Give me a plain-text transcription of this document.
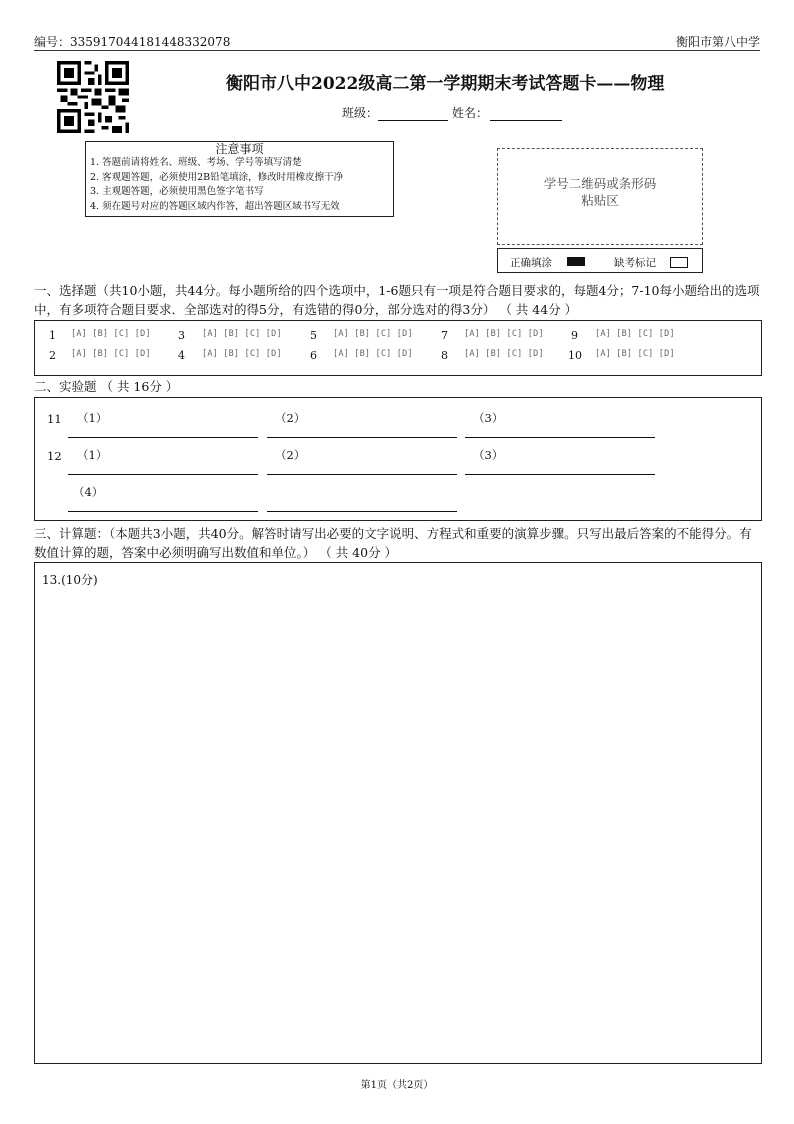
编号：335917044181448332078	衡阳市第八中学
衡阳市八中2022级高二第一学期期末考试答题卡——物理
班级：	姓名：
注意事项
1. 答题前请将姓名、班级、考场、学号等填写清楚
2. 客观题答题，必须使用2B铅笔填涂，修改时用橡皮擦干净
3. 主观题答题，必须使用黑色签字笔书写
4. 须在题号对应的答题区域内作答，超出答题区域书写无效
学号二维码或条形码
粘贴区
正确填涂	缺考标记
一、选择题（共10小题，共44分。每小题所给的四个选项中，1-6题只有一项是符合题目要求的，每题4分；7-10每小题给出的选项中，有多项符合题目要求．全部选对的得5分，有选错的得0分，部分选对的得3分） （ 共 44分 ）
1 [A] [B] [C] [D] 3 [A] [B] [C] [D]	5 [A] [B] [C] [D]	7 [A] [B] [C] [D] 9 [A] [B] [C] [D]
2 [A] [B] [C] [D] 4 [A] [B] [C] [D]	6 [A] [B] [C] [D]	8 [A] [B] [C] [D] 10 [A] [B] [C] [D]
二、实验题 （ 共 16分 ）
11 （1）	（2）	（3）
12 （1）	（2）	（3）
（4）
三、计算题：（本题共3小题，共40分。解答时请写出必要的文字说明、方程式和重要的演算步骤。只写出最后答案的不能得分。有数值计算的题，答案中必须明确写出数值和单位。） （ 共 40分 ）
13.(10分)
第1页（共2页）
